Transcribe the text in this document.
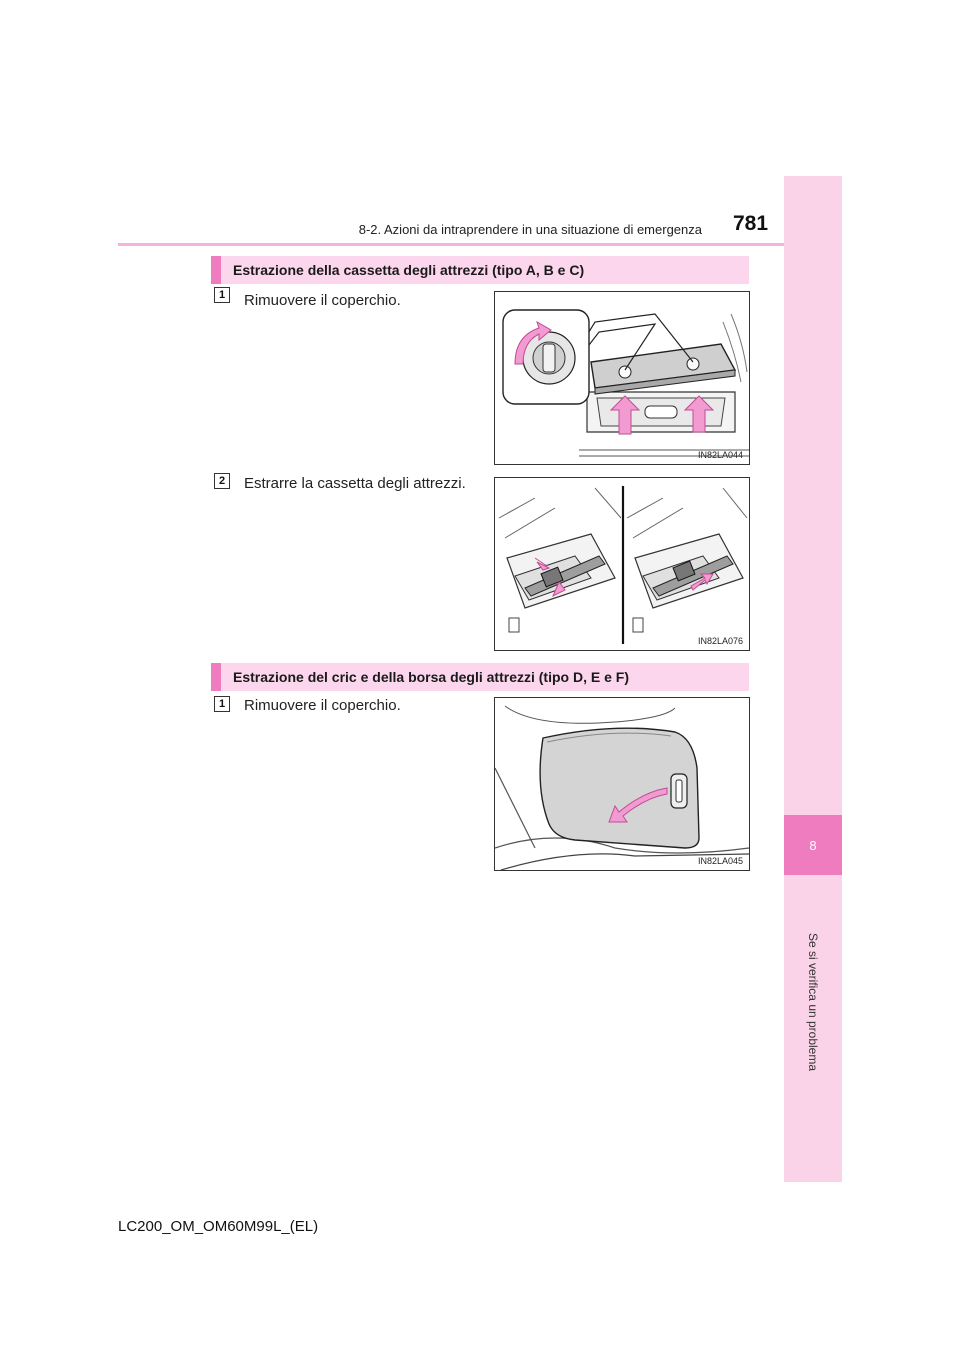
8
Se si verifica un problema
8-2. Azioni da intraprendere in una situazione di emergenza 781
Estrazione della cassetta degli attrezzi (tipo A, B e C)
1	Rimuovere il coperchio.
IN82LA044
2	Estrarre la cassetta degli attrezzi.
IN82LA076
Estrazione del cric e della borsa degli attrezzi (tipo D, E e F)
1	Rimuovere il coperchio.
IN82LA045
LC200_OM_OM60M99L_(EL)
